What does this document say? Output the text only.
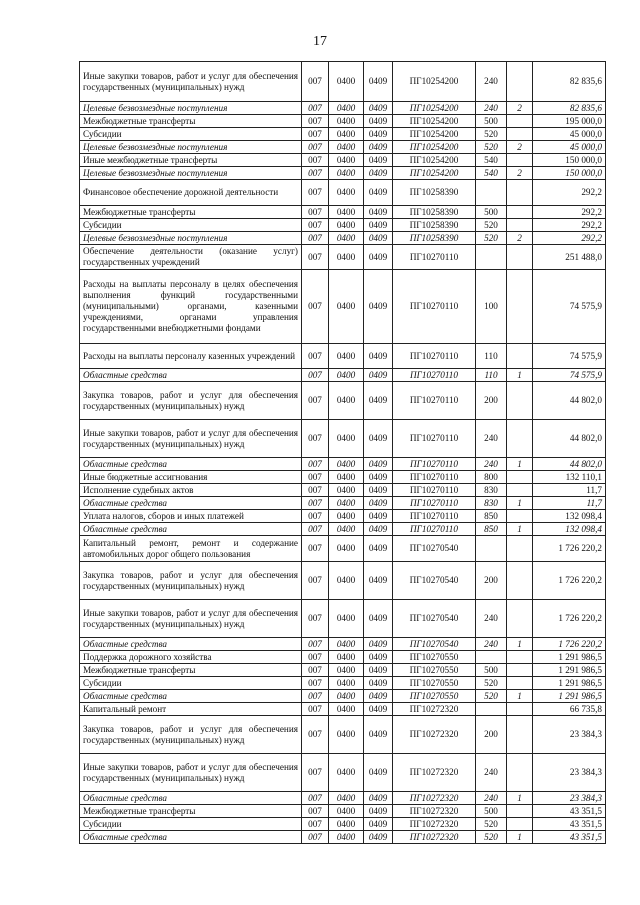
17
Иные закупки товаров, работ и услуг для обеспечения государственных (муниципальных) нужд	007	0400	0409	ПГ10254200	240		82 835,6
Целевые безвозмездные поступления	007	0400	0409	ПГ10254200	240	2	82 835,6
Межбюджетные трансферты	007	0400	0409	ПГ10254200	500		195 000,0
Субсидии	007	0400	0409	ПГ10254200	520		45 000,0
Целевые безвозмездные поступления	007	0400	0409	ПГ10254200	520	2	45 000,0
Иные межбюджетные трансферты	007	0400	0409	ПГ10254200	540		150 000,0
Целевые безвозмездные поступления	007	0400	0409	ПГ10254200	540	2	150 000,0
Финансовое обеспечение дорожной деятельности	007	0400	0409	ПГ10258390			292,2
Межбюджетные трансферты	007	0400	0409	ПГ10258390	500		292,2
Субсидии	007	0400	0409	ПГ10258390	520		292,2
Целевые безвозмездные поступления	007	0400	0409	ПГ10258390	520	2	292,2
Обеспечение деятельности (оказание услуг) государственных учреждений	007	0400	0409	ПГ10270110			251 488,0
Расходы на выплаты персоналу в целях обеспечения выполнения функций государственными (муниципальными) органами, казенными учреждениями, органами управления государственными внебюджетными фондами	007	0400	0409	ПГ10270110	100		74 575,9
Расходы на выплаты персоналу казенных учреждений	007	0400	0409	ПГ10270110	110		74 575,9
Областные средства	007	0400	0409	ПГ10270110	110	1	74 575,9
Закупка товаров, работ и услуг для обеспечения государственных (муниципальных) нужд	007	0400	0409	ПГ10270110	200		44 802,0
Иные закупки товаров, работ и услуг для обеспечения государственных (муниципальных) нужд	007	0400	0409	ПГ10270110	240		44 802,0
Областные средства	007	0400	0409	ПГ10270110	240	1	44 802,0
Иные бюджетные ассигнования	007	0400	0409	ПГ10270110	800		132 110,1
Исполнение судебных актов	007	0400	0409	ПГ10270110	830		11,7
Областные средства	007	0400	0409	ПГ10270110	830	1	11,7
Уплата налогов, сборов и иных платежей	007	0400	0409	ПГ10270110	850		132 098,4
Областные средства	007	0400	0409	ПГ10270110	850	1	132 098,4
Капитальный ремонт, ремонт и содержание автомобильных дорог общего пользования	007	0400	0409	ПГ10270540			1 726 220,2
Закупка товаров, работ и услуг для обеспечения государственных (муниципальных) нужд	007	0400	0409	ПГ10270540	200		1 726 220,2
Иные закупки товаров, работ и услуг для обеспечения государственных (муниципальных) нужд	007	0400	0409	ПГ10270540	240		1 726 220,2
Областные средства	007	0400	0409	ПГ10270540	240	1	1 726 220,2
Поддержка дорожного хозяйства	007	0400	0409	ПГ10270550			1 291 986,5
Межбюджетные трансферты	007	0400	0409	ПГ10270550	500		1 291 986,5
Субсидии	007	0400	0409	ПГ10270550	520		1 291 986,5
Областные средства	007	0400	0409	ПГ10270550	520	1	1 291 986,5
Капитальный ремонт	007	0400	0409	ПГ10272320			66 735,8
Закупка товаров, работ и услуг для обеспечения государственных (муниципальных) нужд	007	0400	0409	ПГ10272320	200		23 384,3
Иные закупки товаров, работ и услуг для обеспечения государственных (муниципальных) нужд	007	0400	0409	ПГ10272320	240		23 384,3
Областные средства	007	0400	0409	ПГ10272320	240	1	23 384,3
Межбюджетные трансферты	007	0400	0409	ПГ10272320	500		43 351,5
Субсидии	007	0400	0409	ПГ10272320	520		43 351,5
Областные средства	007	0400	0409	ПГ10272320	520	1	43 351,5
